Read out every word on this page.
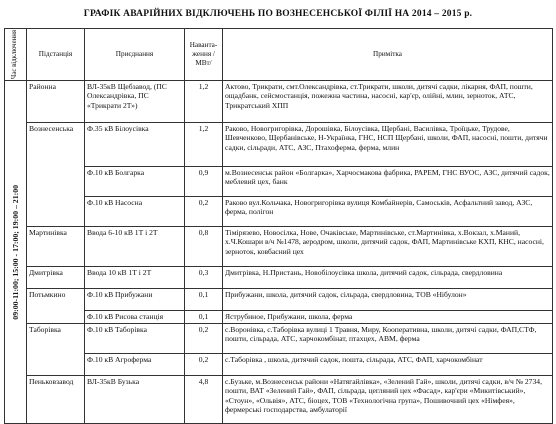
ГРАФІК АВАРІЙНИХ ВІДКЛЮЧЕНЬ ПО ВОЗНЕСЕНСЬКОЇ ФІЛІЇ НА 2014 – 2015 р.
Час відключення	Підстанція	Приєднання	Наванта-ження /МВт/	Примітка

09:00-11:00; 15:00 - 17:00; 19:00 – 21:00	Районна	ВЛ-35кВ Щебзавод, (ПС Олександрівка, ПС «Трикрати 2Т»)	1,2	Актово, Трикрати, смт.Олександрівка, ст.Трикрати, школи, дитячі садки, лікарня, ФАП, пошти, ощадбанк, сейсмостанція, пожежна частина, насосні, кар'єр, олійні, млин, зерноток, АТС, Трикратський ХПП
	Вознесенська	Ф.35 кВ Білоусівка	1,2	Раково, Новогригорівка, Дорошівка, Білоусівка, Щербані, Василівка, Троїцьке, Трудове, Шевченково, Щербанівське, Н-Українка, ГНС, НСП Щербані, школи, ФАП, насосні, пошти, дитячи садки, сільради, АТС, АЗС, Птахоферма, ферма, млин
		Ф.10 кВ Болгарка	0,9	м.Вознесенськ район «Болгарка», Харчосмакова фабрика, РАРЕМ, ГНС ВУОС, АЗС, дитячий садок, меблевий цех, банк
		Ф.10 кВ Насосна	0,2	Раково вул.Кольчака, Новогригорівка вулиця Комбайнерів, Самоськів, Асфальтний завод, АЗС, ферма, полігон
	Мартинівка	Ввода 6-10 кВ 1Т і 2Т	0,8	Тімірязево, Новосілка, Нове, Очаківське, Мартинівське, ст.Мартинівка, х.Вокзал, х.Маний, х.Ч.Кошари в/ч №1478, аеродром, школи, дитячий садок, ФАП, Мартинівське КХП, КНС, насосні, зерноток, ковбасний цех
	Дмитрівка	Ввода 10 кВ 1Т і 2Т	0,3	Дмитрівка, Н.Пристань, Новобілоусівка школа, дитячий садок, сільрада, свердловина
	Потьмкино	Ф.10 кВ Прибужани	0,1	Прибужани, школа, дитячий садок, сільрада, свердловина, ТОВ «Нібулон»
		Ф.10 кВ Рисова станція	0,1	Яструбиное, Прибужани, школа, ферма
	Таборівка	Ф.10 кВ Таборівка	0,2	с.Воронівка, с.Таборівка вулиці 1 Травня, Миру, Кооперативна, школи, дитячі садки, ФАП,СТФ, пошти, сільрада, АТС, харчокомбінат, птахцех, АВМ, ферма
		Ф.10 кВ Агроферма	0,2	с.Таборівка , школа, дитячий садок, пошта, сільрада, АТС, ФАП, харчокомбінат
	Пеньковзавод	ВЛ-35кВ Бузька	4,8	с.Бузьке, м.Вознесенськ райони «Натягайлівка», «Зелений Гай», школи, дитячі садки, в/ч № 2734, пошти, ВАТ «Зелений Гай», ФАП, сільрада, цегляний цех «Фасад», кар'єри «Микитівський», «Стоун», «Ольвія», АТС, біоцех, ТОВ «Технологічна група», Пошивочний цех «Німфея», фермерські господарства, амбулаторії
